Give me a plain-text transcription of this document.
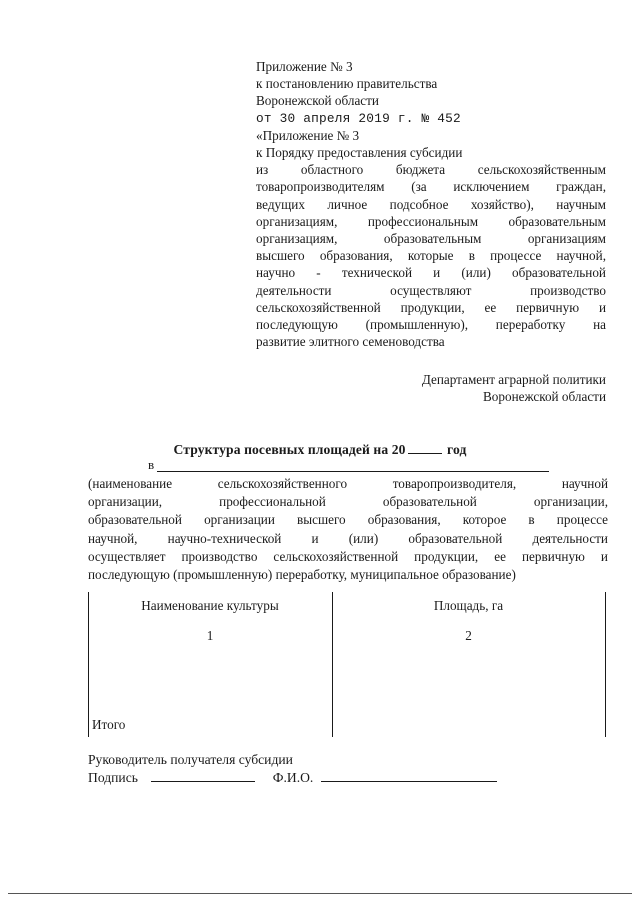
Приложение № 3
к постановлению правительства
Воронежской области
от 30 апреля 2019 г. № 452
«Приложение № 3
к Порядку предоставления субсидии
из областного бюджета сельскохозяйственным
товаропроизводителям (за исключением граждан,
ведущих личное подсобное хозяйство), научным
организациям, профессиональным образовательным
организациям, образовательным организациям
высшего образования, которые в процессе научной,
научно - технической и (или) образовательной
деятельности осуществляют производство
сельскохозяйственной продукции, ее первичную и
последующую (промышленную), переработку на
развитие элитного семеноводства
Департамент аграрной политики
Воронежской области
Структура посевных площадей на 20	год
в
(наименование сельскохозяйственного товаропроизводителя, научной
организации, профессиональной образовательной организации,
образовательной организации высшего образования, которое в процессе
научной, научно-технической и (или) образовательной деятельности
осуществляет производство сельскохозяйственной продукции, ее первичную и
последующую (промышленную) переработку, муниципальное образование)
Наименование культуры	Площадь, га
1	2
Итого
Руководитель получателя субсидии
Подпись	Ф.И.О.
